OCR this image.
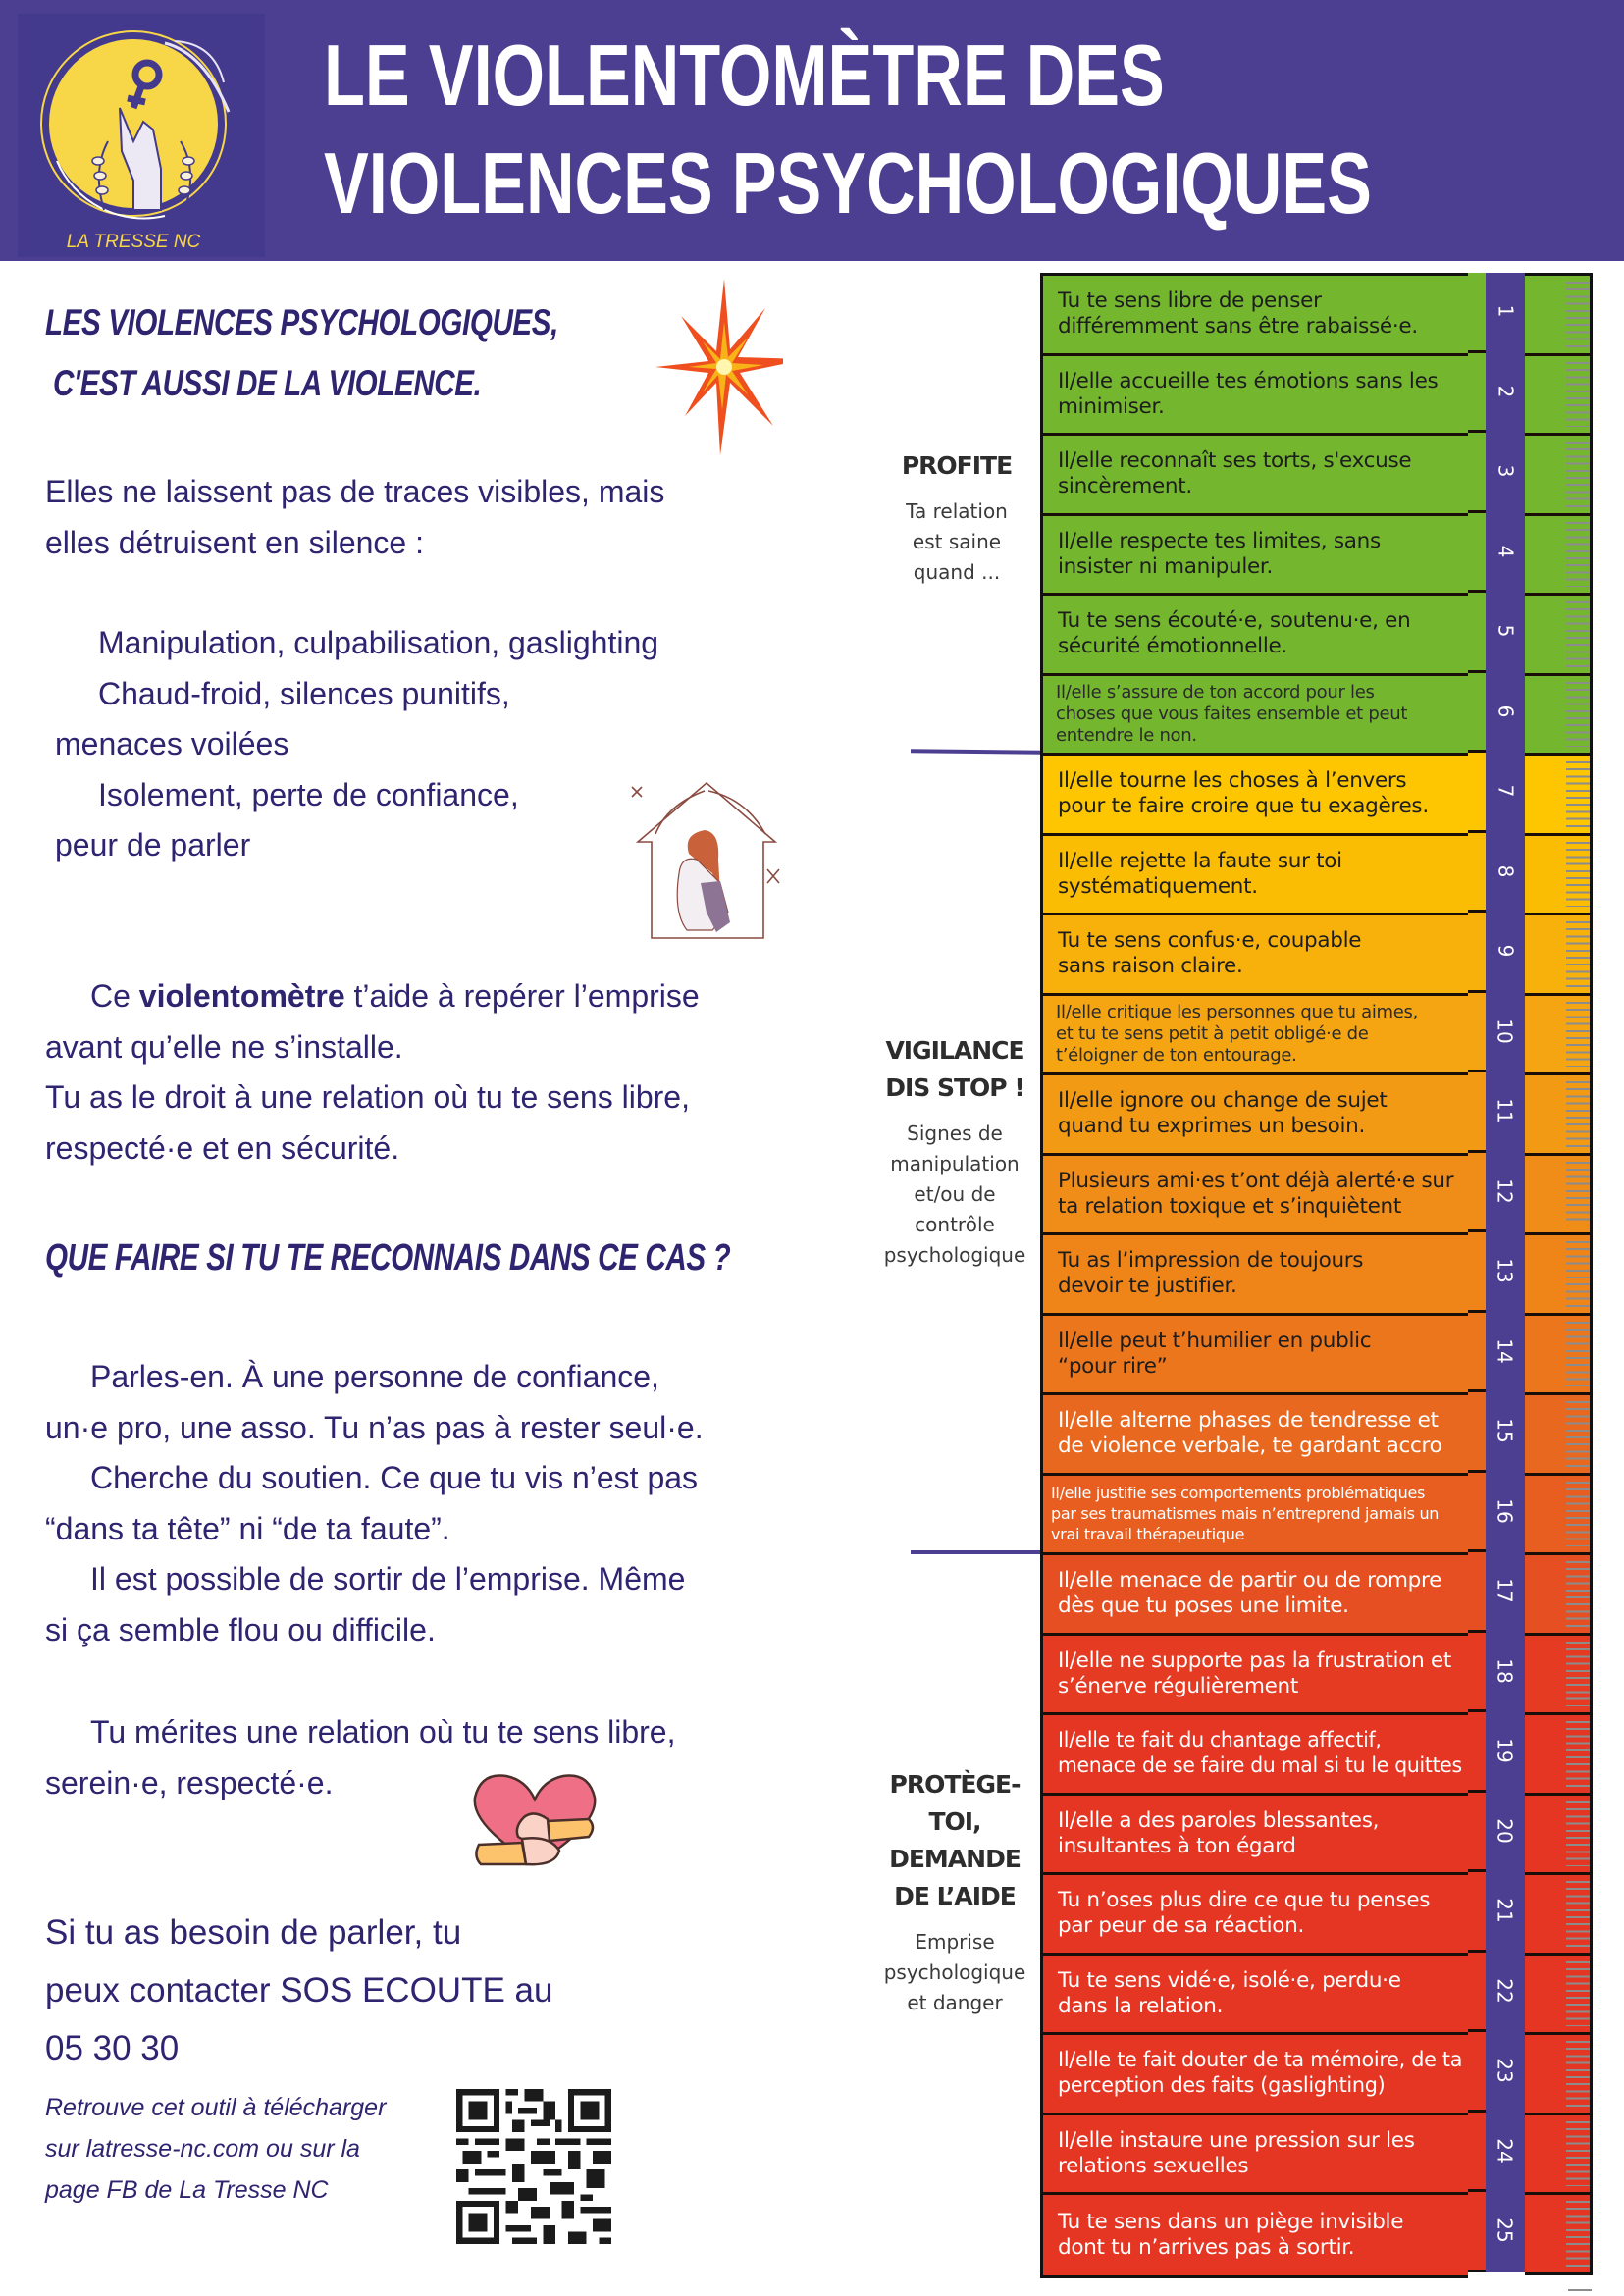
LA TRESSE NC
LE VIOLENTOMÈTRE DES
VIOLENCES PSYCHOLOGIQUES
LES VIOLENCES PSYCHOLOGIQUES,
C'EST AUSSI DE LA VIOLENCE.
Elles ne laissent pas de traces visibles, mais
elles détruisent en silence :
Manipulation, culpabilisation, gaslighting
Chaud-froid, silences punitifs,
menaces voilées
Isolement, perte de confiance,
peur de parler
Ce violentomètre t’aide à repérer l’emprise
avant qu’elle ne s’installe.
Tu as le droit à une relation où tu te sens libre,
respecté·e et en sécurité.
QUE FAIRE SI TU TE RECONNAIS DANS CE CAS ?
Parles-en. À une personne de confiance,
un·e pro, une asso. Tu n’as pas à rester seul·e.
Cherche du soutien. Ce que tu vis n’est pas
“dans ta tête” ni “de ta faute”.
Il est possible de sortir de l’emprise. Même
si ça semble flou ou difficile.
Tu mérites une relation où tu te sens libre,
serein·e, respecté·e.
Si tu as besoin de parler, tu
peux contacter SOS ECOUTE au
05 30 30
Retrouve cet outil à télécharger
sur latresse-nc.com ou sur la
page FB de La Tresse NC
PROFITE
Ta relation
est saine
quand ...
VIGILANCE
DIS STOP !
Signes de
manipulation
et/ou de
contrôle
psychologique
PROTÈGE-
TOI,
DEMANDE
DE L’AIDE
Emprise
psychologique
et danger
Tu te sens libre de penser
différemment sans être rabaissé·e.
Il/elle accueille tes émotions sans les
minimiser.
Il/elle reconnaît ses torts, s'excuse
sincèrement.
Il/elle respecte tes limites, sans
insister ni manipuler.
Tu te sens écouté·e, soutenu·e, en
sécurité émotionnelle.
Il/elle s’assure de ton accord pour les
choses que vous faites ensemble et peut
entendre le non.
Il/elle tourne les choses à l’envers
pour te faire croire que tu exagères.
Il/elle rejette la faute sur toi
systématiquement.
Tu te sens confus·e, coupable
sans raison claire.
Il/elle critique les personnes que tu aimes,
et tu te sens petit à petit obligé·e de
t’éloigner de ton entourage.
Il/elle ignore ou change de sujet
quand tu exprimes un besoin.
Plusieurs ami·es t’ont déjà alerté·e sur
ta relation toxique et s’inquiètent
Tu as l’impression de toujours
devoir te justifier.
Il/elle peut t’humilier en public
“pour rire”
Il/elle alterne phases de tendresse et
de violence verbale, te gardant accro
Il/elle justifie ses comportements problématiques
par ses traumatismes mais n’entreprend jamais un
vrai travail thérapeutique
Il/elle menace de partir ou de rompre
dès que tu poses une limite.
Il/elle ne supporte pas la frustration et
s’énerve régulièrement
Il/elle te fait du chantage affectif,
menace de se faire du mal si tu le quittes
Il/elle a des paroles blessantes,
insultantes à ton égard
Tu n’oses plus dire ce que tu penses
par peur de sa réaction.
Tu te sens vidé·e, isolé·e, perdu·e
dans la relation.
Il/elle te fait douter de ta mémoire, de ta
perception des faits (gaslighting)
Il/elle instaure une pression sur les
relations sexuelles
Tu te sens dans un piège invisible
dont tu n’arrives pas à sortir.
1
2
3
4
5
6
7
8
9
10
11
12
13
14
15
16
17
18
19
20
21
22
23
24
25
